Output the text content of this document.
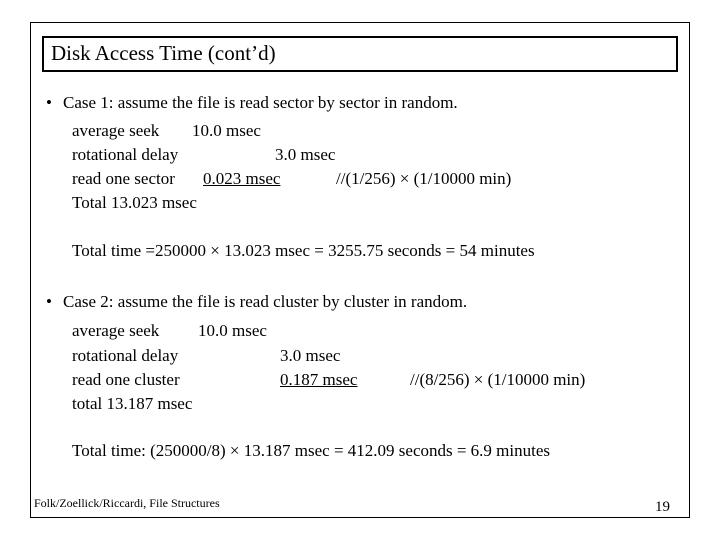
Disk Access Time (cont’d)
• Case 1: assume the file is read sector by sector in random.
average seek 10.0 msec
rotational delay	3.0 msec
read one sector 0.023 msec	//(1/256) × (1/10000 min)
Total 13.023 msec
Total time =250000 × 13.023 msec = 3255.75 seconds = 54 minutes
• Case 2: assume the file is read cluster by cluster in random.
average seek 10.0 msec
rotational delay	3.0 msec
read one cluster	0.187 msec	//(8/256) × (1/10000 min)
total 13.187 msec
Total time: (250000/8) × 13.187 msec = 412.09 seconds = 6.9 minutes
Folk/Zoellick/Riccardi, File Structures	19
